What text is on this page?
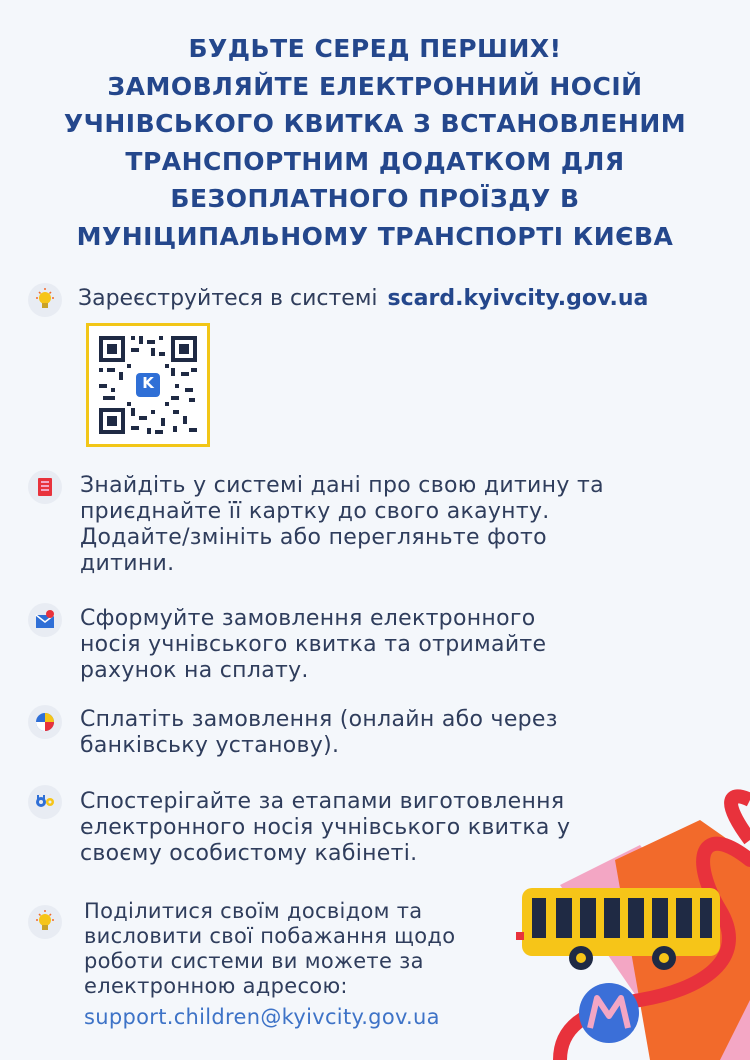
БУДЬТЕ СЕРЕД ПЕРШИХ!
ЗАМОВЛЯЙТЕ ЕЛЕКТРОННИЙ НОСІЙ
УЧНІВСЬКОГО КВИТКА З ВСТАНОВЛЕНИМ
ТРАНСПОРТНИМ ДОДАТКОМ ДЛЯ
БЕЗОПЛАТНОГО ПРОЇЗДУ В
МУНІЦИПАЛЬНОМУ ТРАНСПОРТІ КИЄВА
Зареєструйтеся в системі scard.kyivcity.gov.ua
K
Знайдіть у системі дані про свою дитину та
приєднайте її картку до свого акаунту.
Додайте/змініть або перегляньте фото
дитини.
Сформуйте замовлення електронного
носія учнівського квитка та отримайте
рахунок на сплату.
Сплатіть замовлення (онлайн або через
банківську установу).
Спостерігайте за етапами виготовлення
електронного носія учнівського квитка у
своєму особистому кабінеті.
Поділитися своїм досвідом та
висловити свої побажання щодо
роботи системи ви можете за
електронною адресою:
support.children@kyivcity.gov.ua
